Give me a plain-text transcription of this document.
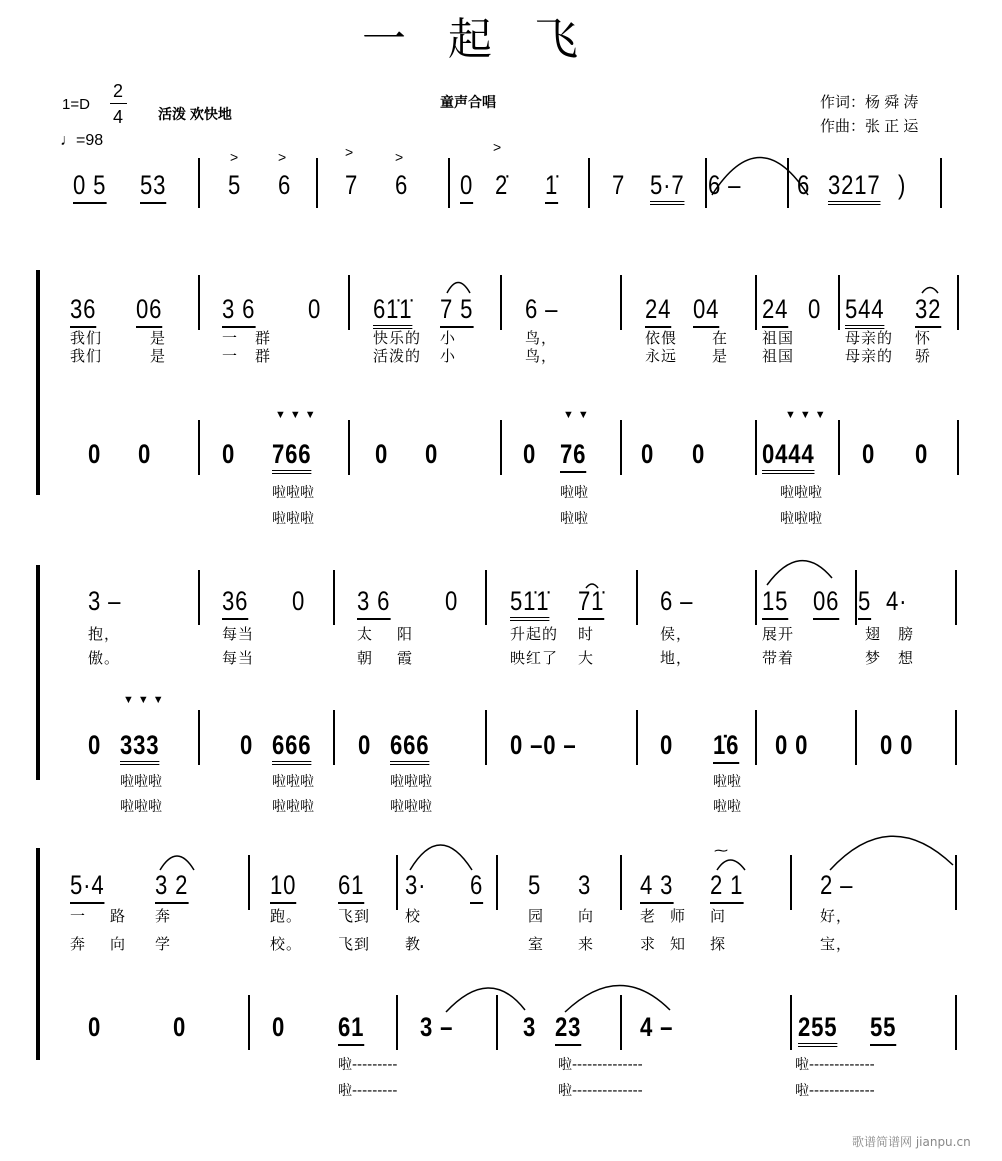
一起飞
1=D
2
4
♩=98
活泼 欢快地
童声合唱	作词：杨 舜 涛
作曲：张 正 运
歌谱简谱网 jianpu.cn
0 5 53 5 6 7 6 0 2̇ 1̇ 7 5·7 6 – 6 3217 )
>	>	>	>
>
36 06 3 6 0 61̇1̇ 7 5 6 –	24 04 24 0 544 32
我们	是	一 群	快乐的 小	鸟，	依偎 在 祖国	母亲的 怀
我们	是	一 群	活泼的 小	鸟，	永远 是 祖国	母亲的 骄
0 0	0 766 0 0	0 76 0 0 0444 0 0
啦啦啦	啦啦	啦啦啦
啦啦啦	啦啦	啦啦啦
▼▼▼	▼▼	▼▼▼
3 –	36 0 3 6 0 51̇1̇ 71̇ 6 –	15 06 5 4·
抱，	每当	太 阳	升起的 时	侯，	展开	翅 膀
傲。	每当	朝 霞	映红了 大	地，	带着	梦 想
0 333	0 666 0 666	0 –0 –	0 1̇6 0 0	0 0
啦啦啦	啦啦啦	啦啦啦	啦啦
啦啦啦	啦啦啦	啦啦啦	啦啦
▼▼▼
5·4 3 2	10 61 3· 6 5 3 4 3 2 1	2 –
一 路 奔	跑。 飞到 校	园 向	老 师 问	好，
奔 向 学	校。 飞到 教	室 来	求 知 探	宝，
0	0	0 61 3 –	3 23 4 –	255 55
啦---------	啦--------------	啦-------------
啦---------	啦--------------	啦-------------
⁓
